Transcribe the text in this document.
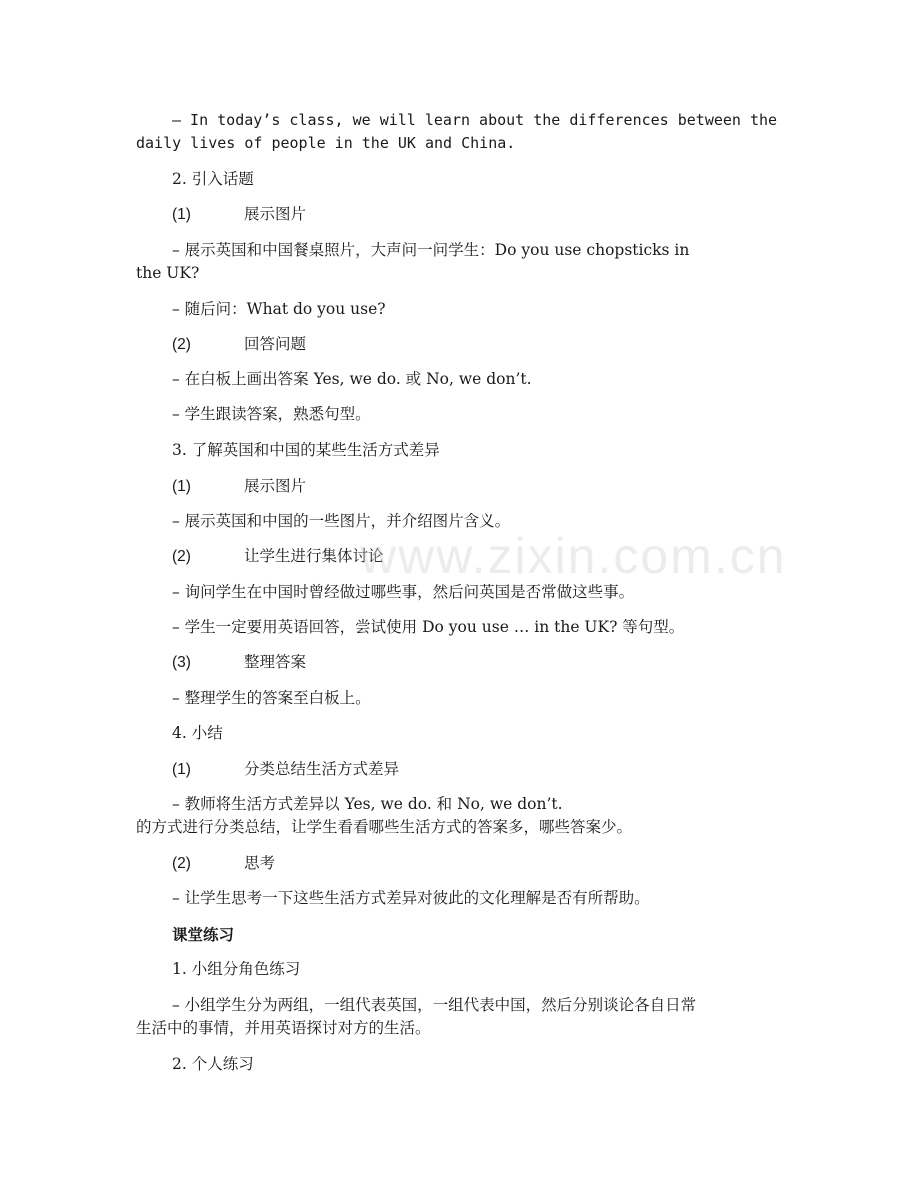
– In today’s class, we will learn about the differences between the
daily lives of people in the UK and China.
2. 引入话题
(1)	展示图片
– 展示英国和中国餐桌照片，大声问一问学生：Do you use chopsticks in
the UK?
– 随后问：What do you use?
(2)	回答问题
– 在白板上画出答案 Yes, we do. 或 No, we don’t.
– 学生跟读答案，熟悉句型。
3. 了解英国和中国的某些生活方式差异
(1)	展示图片
– 展示英国和中国的一些图片，并介绍图片含义。
(2)	让学生进行集体讨论
– 询问学生在中国时曾经做过哪些事，然后问英国是否常做这些事。
– 学生一定要用英语回答，尝试使用 Do you use … in the UK? 等句型。
(3)	整理答案
– 整理学生的答案至白板上。
4. 小结
(1)	分类总结生活方式差异
– 教师将生活方式差异以 Yes, we do. 和 No, we don’t.
的方式进行分类总结，让学生看看哪些生活方式的答案多，哪些答案少。
(2)	思考
– 让学生思考一下这些生活方式差异对彼此的文化理解是否有所帮助。
课堂练习
1. 小组分角色练习
– 小组学生分为两组，一组代表英国，一组代表中国，然后分别谈论各自日常
生活中的事情，并用英语探讨对方的生活。
2. 个人练习
www.zixin.com.cn
